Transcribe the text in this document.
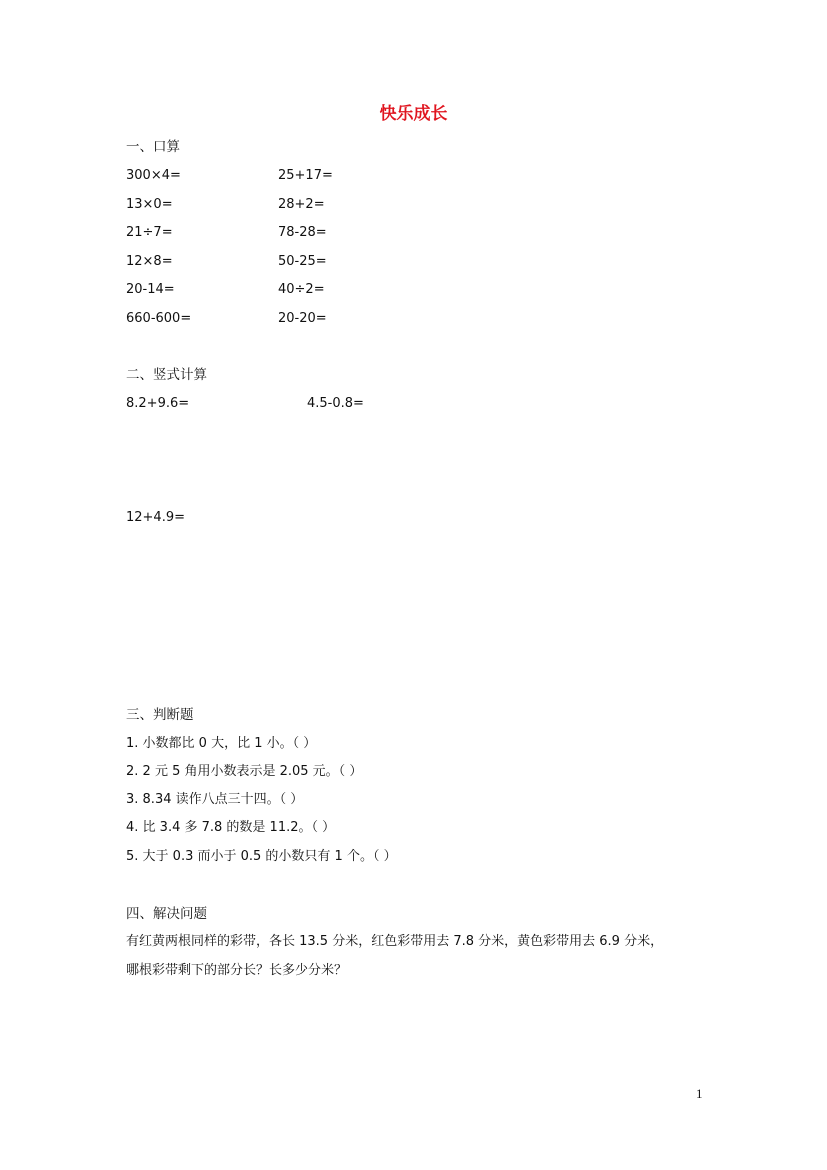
快乐成长
一、口算
300×4=	25+17=
13×0=	28+2=
21÷7=	78-28=
12×8=	50-25=
20-14=	40÷2=
660-600=	20-20=
二、竖式计算
8.2+9.6=	4.5-0.8=
12+4.9=
三、判断题
1. 小数都比 0 大，比 1 小。（ ）
2. 2 元 5 角用小数表示是 2.05 元。（ ）
3. 8.34 读作八点三十四。（ ）
4. 比 3.4 多 7.8 的数是 11.2。（ ）
5. 大于 0.3 而小于 0.5 的小数只有 1 个。（ ）
四、解决问题
有红黄两根同样的彩带，各长 13.5 分米，红色彩带用去 7.8 分米，黄色彩带用去 6.9 分米，
哪根彩带剩下的部分长？长多少分米？
1
